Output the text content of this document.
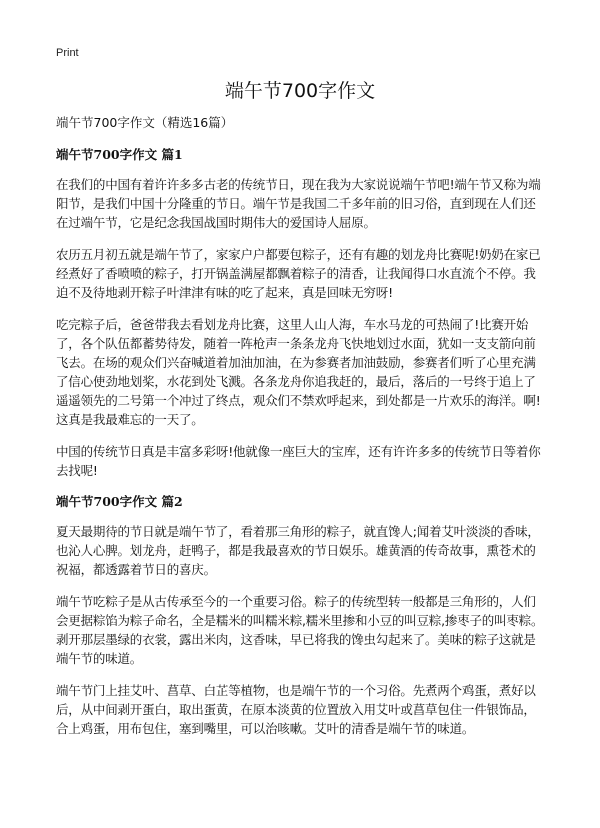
Print
端午节700字作文
端午节700字作文（精选16篇）
端午节700字作文 篇1

在我们的中国有着许许多多古老的传统节日，现在我为大家说说端午节吧!端午节又称为端阳节，是我们中国十分隆重的节日。端午节是我国二千多年前的旧习俗，直到现在人们还在过端午节，它是纪念我国战国时期伟大的爱国诗人屈原。

农历五月初五就是端午节了，家家户户都要包粽子，还有有趣的划龙舟比赛呢!奶奶在家已经煮好了香喷喷的粽子，打开锅盖满屋都飘着粽子的清香，让我闻得口水直流个不停。我迫不及待地剥开粽子叶津津有味的吃了起来，真是回味无穷呀!

吃完粽子后，爸爸带我去看划龙舟比赛，这里人山人海，车水马龙的可热闹了!比赛开始了，各个队伍都蓄势待发，随着一阵枪声一条条龙舟飞快地划过水面，犹如一支支箭向前飞去。在场的观众们兴奋喊道着加油加油，在为参赛者加油鼓励，参赛者们听了心里充满了信心使劲地划桨，水花到处飞溅。各条龙舟你追我赶的，最后，落后的一号终于追上了遥遥领先的二号第一个冲过了终点，观众们不禁欢呼起来，到处都是一片欢乐的海洋。啊!这真是我最难忘的一天了。

中国的传统节日真是丰富多彩呀!他就像一座巨大的宝库，还有许许多多的传统节日等着你去找呢!

端午节700字作文 篇2

夏天最期待的节日就是端午节了，看着那三角形的粽子，就直馋人;闻着艾叶淡淡的香味，也沁人心脾。划龙舟，赶鸭子，都是我最喜欢的节日娱乐。雄黄酒的传奇故事，熏苍术的祝福，都透露着节日的喜庆。

端午节吃粽子是从古传承至今的一个重要习俗。粽子的传统型转一般都是三角形的，人们会更据粽馅为粽子命名，全是糯米的叫糯米粽,糯米里掺和小豆的叫豆粽,掺枣子的叫枣粽。剥开那层墨绿的衣裳，露出米肉，这香味，早已将我的馋虫勾起来了。美味的粽子这就是端午节的味道。

端午节门上挂艾叶、菖草、白芷等植物，也是端午节的一个习俗。先煮两个鸡蛋，煮好以后，从中间剥开蛋白，取出蛋黄，在原本淡黄的位置放入用艾叶或菖草包住一件银饰品，合上鸡蛋，用布包住，塞到嘴里，可以治咳嗽。艾叶的清香是端午节的味道。
